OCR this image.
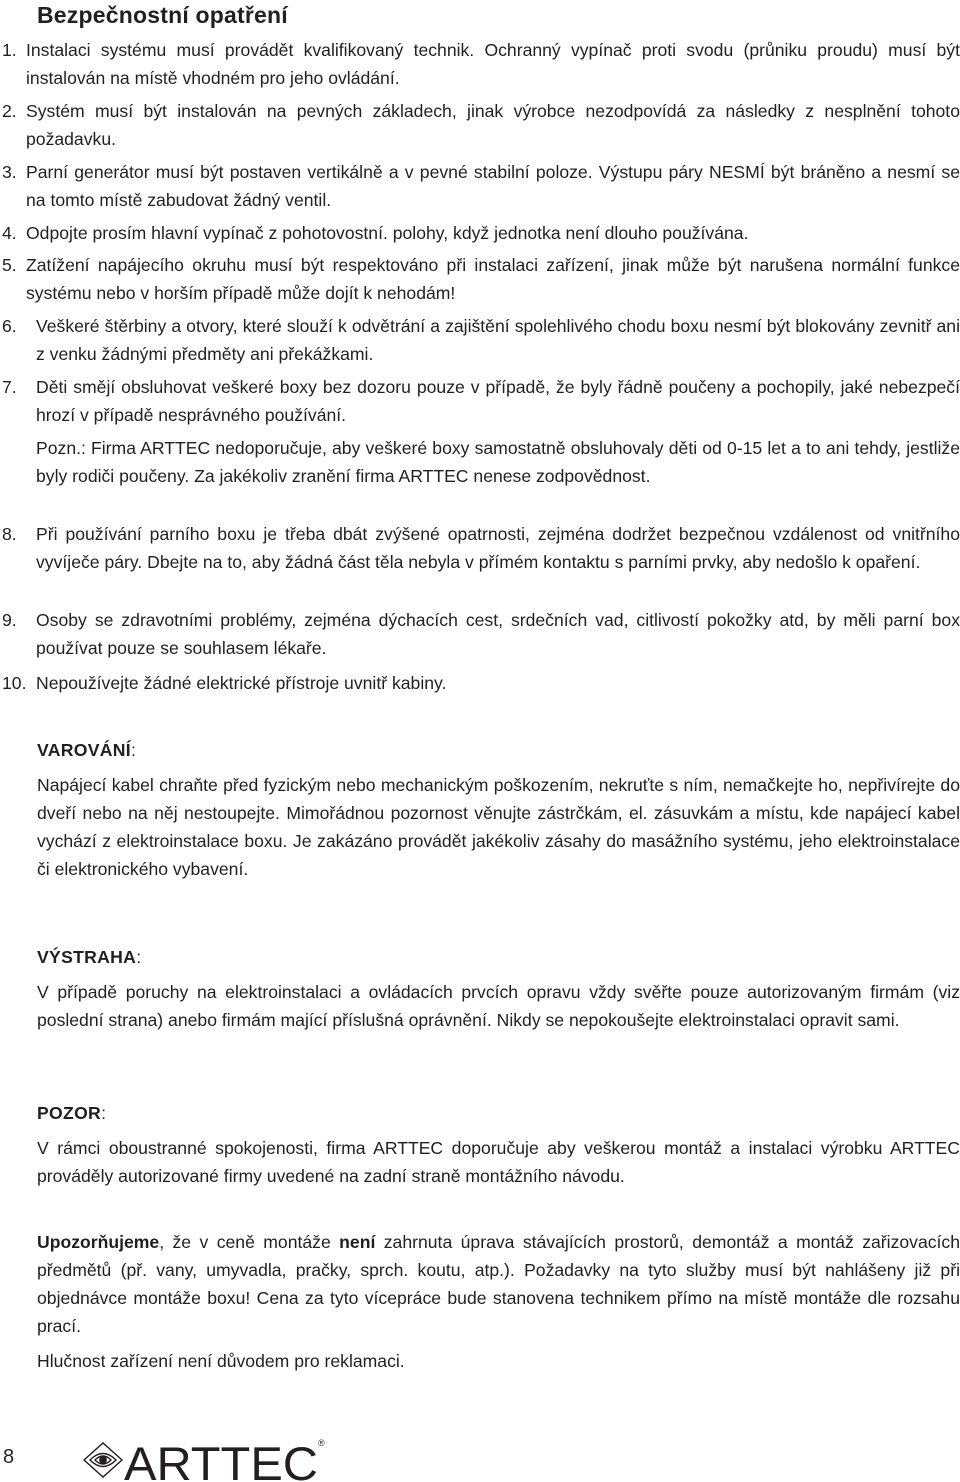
Bezpečnostní opatření
1. Instalaci systému musí provádět kvalifikovaný technik. Ochranný vypínač proti svodu (průniku proudu) musí být instalován na místě vhodném pro jeho ovládání.
2. Systém musí být instalován na pevných základech, jinak výrobce nezodpovídá za následky z nesplnění tohoto požadavku.
3. Parní generátor musí být postaven vertikálně a v pevné stabilní poloze. Výstupu páry NESMÍ být bráněno a nesmí se na tomto místě zabudovat žádný ventil.
4. Odpojte prosím hlavní vypínač z pohotovostní. polohy, když jednotka není dlouho používána.
5. Zatížení napájecího okruhu musí být respektováno při instalaci zařízení, jinak může být narušena normální funkce systému nebo v horším případě může dojít k nehodám!
6. Veškeré štěrbiny a otvory, které slouží k odvětrání a zajištění spolehlivého chodu boxu nesmí být blokovány zevnitř ani z venku žádnými předměty ani překážkami.
7. Děti smějí obsluhovat veškeré boxy bez dozoru pouze v případě, že byly řádně poučeny a pochopily, jaké nebezpečí hrozí v případě nesprávného používání.
Pozn.: Firma ARTTEC nedoporučuje, aby veškeré boxy samostatně obsluhovaly děti od 0-15 let a to ani tehdy, jestliže byly rodiči poučeny. Za jakékoliv zranění firma ARTTEC nenese zodpovědnost.
8. Při používání parního boxu je třeba dbát zvýšené opatrnosti, zejména dodržet bezpečnou vzdálenost od vnitřního vyvíječe páry. Dbejte na to, aby žádná část těla nebyla v přímém kontaktu s parními prvky, aby nedošlo k opaření.
9. Osoby se zdravotními problémy, zejména dýchacích cest, srdečních vad, citlivostí pokožky atd, by měli parní box používat pouze se souhlasem lékaře.
10. Nepoužívejte žádné elektrické přístroje uvnitř kabiny.
VAROVÁNÍ:

Napájecí kabel chraňte před fyzickým nebo mechanickým poškozením, nekruťte s ním, nemačkejte ho, nepřivírejte do dveří nebo na něj nestoupejte. Mimořádnou pozornost věnujte zástrčkám, el. zásuvkám a místu, kde napájecí kabel vychází z elektroinstalace boxu. Je zakázáno provádět jakékoliv zásahy do masážního systému, jeho elektroinstalace či elektronického vybavení.

VÝSTRAHA:

V případě poruchy na elektroinstalaci a ovládacích prvcích opravu vždy svěřte pouze autorizovaným firmám (viz poslední strana) anebo firmám mající příslušná oprávnění. Nikdy se nepokoušejte elektroinstalaci opravit sami.

POZOR:

V rámci oboustranné spokojenosti, firma ARTTEC doporučuje aby veškerou montáž a instalaci výrobku ARTTEC prováděly autorizované firmy uvedené na zadní straně montážního návodu.

Upozorňujeme, že v ceně montáže není zahrnuta úprava stávajících prostorů, demontáž a montáž zařizovacích předmětů (př. vany, umyvadla, pračky, sprch. koutu, atp.). Požadavky na tyto služby musí být nahlášeny již při objednávce montáže boxu! Cena za tyto vícepráce bude stanovena technikem přímo na místě montáže dle rozsahu prací.

Hlučnost zařízení není důvodem pro reklamaci.

8 ARTTEC ®
